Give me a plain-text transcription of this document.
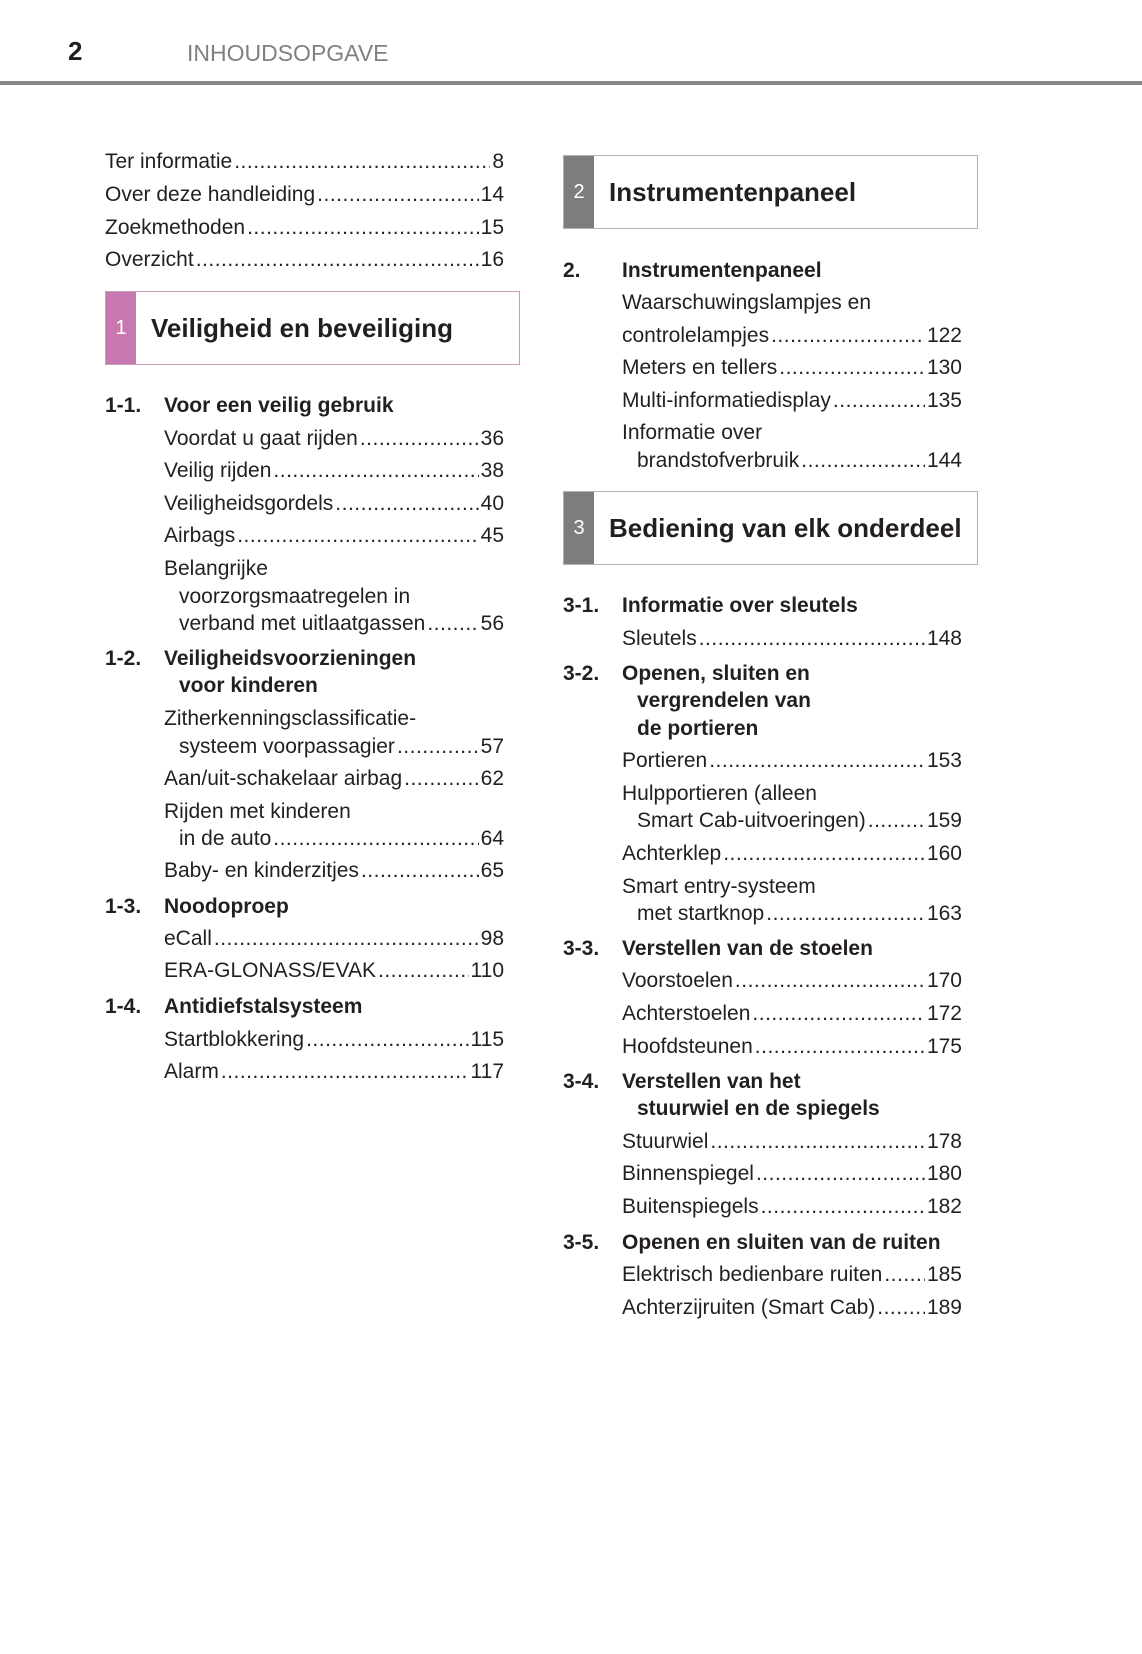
2	INHOUDSOPGAVE
1 Veiligheid en beveiliging
2 Instrumentenpaneel
3 Bediening van elk onderdeel
Ter informatie .....	8
Over deze handleiding .....	14
Zoekmethoden .....	15
Overzicht .....	16
1-1. Voor een veilig gebruik
Voordat u gaat rijden .....	36
Veilig rijden .....	38
Veiligheidsgordels .....	40
Airbags .....	45
Belangrijke
voorzorgsmaatregelen in
verband met uitlaatgassen .....	56
1-2. Veiligheidsvoorzieningen
voor kinderen
Zitherkenningsclassificatie-
systeem voorpassagier .....	57
Aan/uit-schakelaar airbag .....	62
Rijden met kinderen
in de auto .....	64
Baby- en kinderzitjes .....	65
1-3. Noodoproep
eCall .....	98
ERA-GLONASS/EVAK .....	110
1-4. Antidiefstalsysteem
Startblokkering .....	115
Alarm .....	117
2. Instrumentenpaneel
Waarschuwingslampjes en
controlelampjes .....	122
Meters en tellers .....	130
Multi-informatiedisplay .....	135
Informatie over
brandstofverbruik .....	144
3-1. Informatie over sleutels
Sleutels .....	148
3-2. Openen, sluiten en
vergrendelen van
de portieren
Portieren .....	153
Hulpportieren (alleen
Smart Cab-uitvoeringen) .....	159
Achterklep .....	160
Smart entry-systeem
met startknop .....	163
3-3. Verstellen van de stoelen
Voorstoelen .....	170
Achterstoelen .....	172
Hoofdsteunen .....	175
3-4. Verstellen van het
stuurwiel en de spiegels
Stuurwiel .....	178
Binnenspiegel .....	180
Buitenspiegels .....	182
3-5. Openen en sluiten van de ruiten
Elektrisch bedienbare ruiten ..... 185
Achterzijruiten (Smart Cab) ..... 189
